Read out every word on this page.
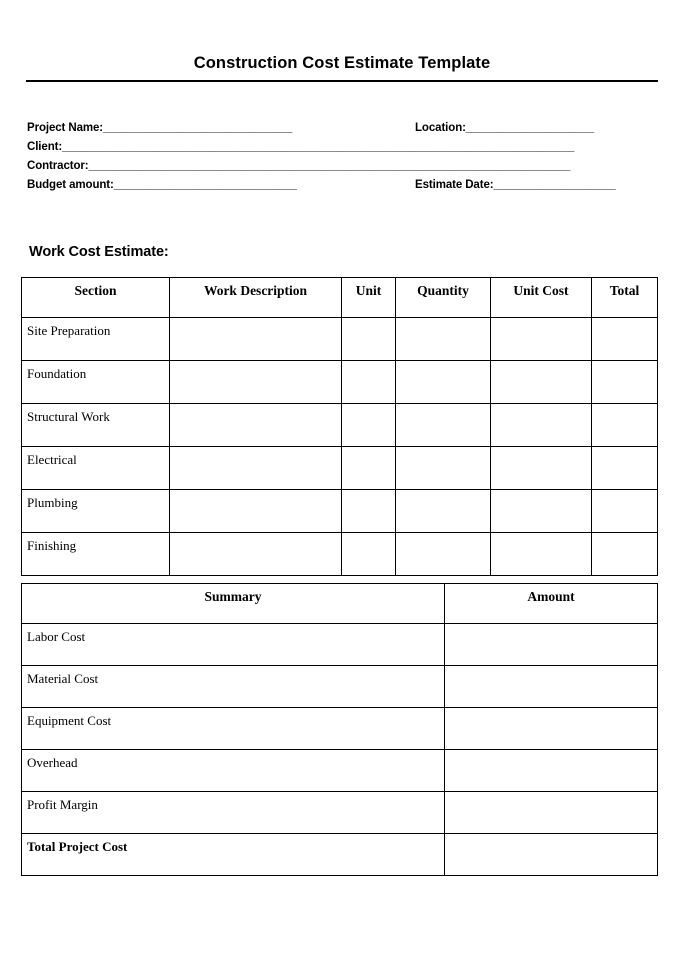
Construction Cost Estimate Template
Project Name:_______________________________	Location:_____________________
Client:____________________________________________________________________________________
Contractor:_______________________________________________________________________________
Budget amount:______________________________	Estimate Date:____________________
Work Cost Estimate:
Section	Work Description	Unit	Quantity	Unit Cost	Total
Site Preparation					
Foundation					
Structural Work					
Electrical					
Plumbing					
Finishing					
Summary	Amount
Labor Cost	
Material Cost	
Equipment Cost	
Overhead	
Profit Margin	
Total Project Cost	
